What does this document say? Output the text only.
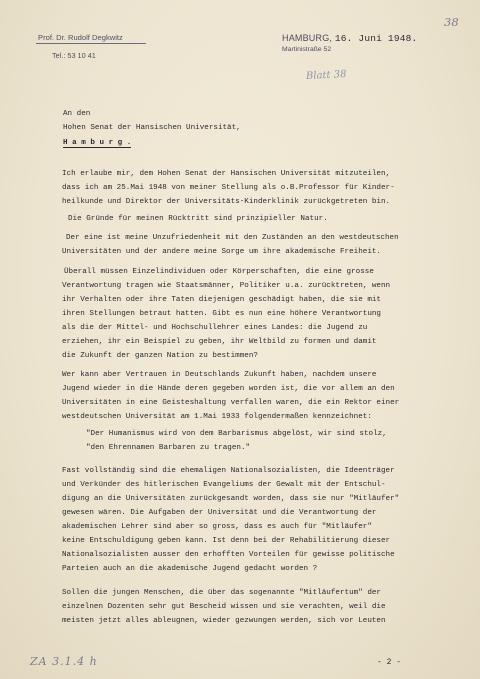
Prof. Dr. Rudolf Degkwitz
Tel.: 53 10 41
HAMBURG, 16. Juni 1948.
Martinistraße 52
38
Blatt 38
ZA 3.1.4 h

An den

Hohen Senat der Hansischen Universität,

H a m b u r g .

Ich erlaube mir, dem Hohen Senat der Hansischen Universität mitzuteilen,

dass ich am 25.Mai 1948 von meiner Stellung als o.B.Professor für Kinder-

heilkunde und Direktor der Universitäts-Kinderklinik zurückgetreten bin.

Die Gründe für meinen Rücktritt sind prinzipieller Natur.

Der eine ist meine Unzufriedenheit mit den Zuständen an den westdeutschen

Universitäten und der andere meine Sorge um ihre akademische Freiheit.

Überall müssen Einzelindividuen oder Körperschaften, die eine grosse

Verantwortung tragen wie Staatsmänner, Politiker u.a. zurücktreten, wenn

ihr Verhalten oder ihre Taten diejenigen geschädigt haben, die sie mit

ihren Stellungen betraut hatten. Gibt es nun eine höhere Verantwortung

als die der Mittel- und Hochschullehrer eines Landes: die Jugend zu

erziehen, ihr ein Beispiel zu geben, ihr Weltbild zu formen und damit

die Zukunft der ganzen Nation zu bestimmen?

Wer kann aber Vertrauen in Deutschlands Zukunft haben, nachdem unsere

Jugend wieder in die Hände deren gegeben worden ist, die vor allem an den

Universitäten in eine Geisteshaltung verfallen waren, die ein Rektor einer

westdeutschen Universität am 1.Mai 1933 folgendermaßen kennzeichnet:

"Der Humanismus wird von dem Barbarismus abgelöst, wir sind stolz,

"den Ehrennamen Barbaren zu tragen."

Fast vollständig sind die ehemaligen Nationalsozialisten, die Ideenträger

und Verkünder des hitlerischen Evangeliums der Gewalt mit der Entschul-

digung an die Universitäten zurückgesandt worden, dass sie nur "Mitläufer"

gewesen wären. Die Aufgaben der Universität und die Verantwortung der

akademischen Lehrer sind aber so gross, dass es auch für "Mitläufer"

keine Entschuldigung geben kann. Ist denn bei der Rehabilitierung dieser

Nationalsozialisten ausser den erhofften Vorteilen für gewisse politische

Parteien auch an die akademische Jugend gedacht worden ?

Sollen die jungen Menschen, die über das sogenannte "Mitläufertum" der

einzelnen Dozenten sehr gut Bescheid wissen und sie verachten, weil die

meisten jetzt alles ableugnen, wieder gezwungen werden, sich vor Leuten

- 2 -
